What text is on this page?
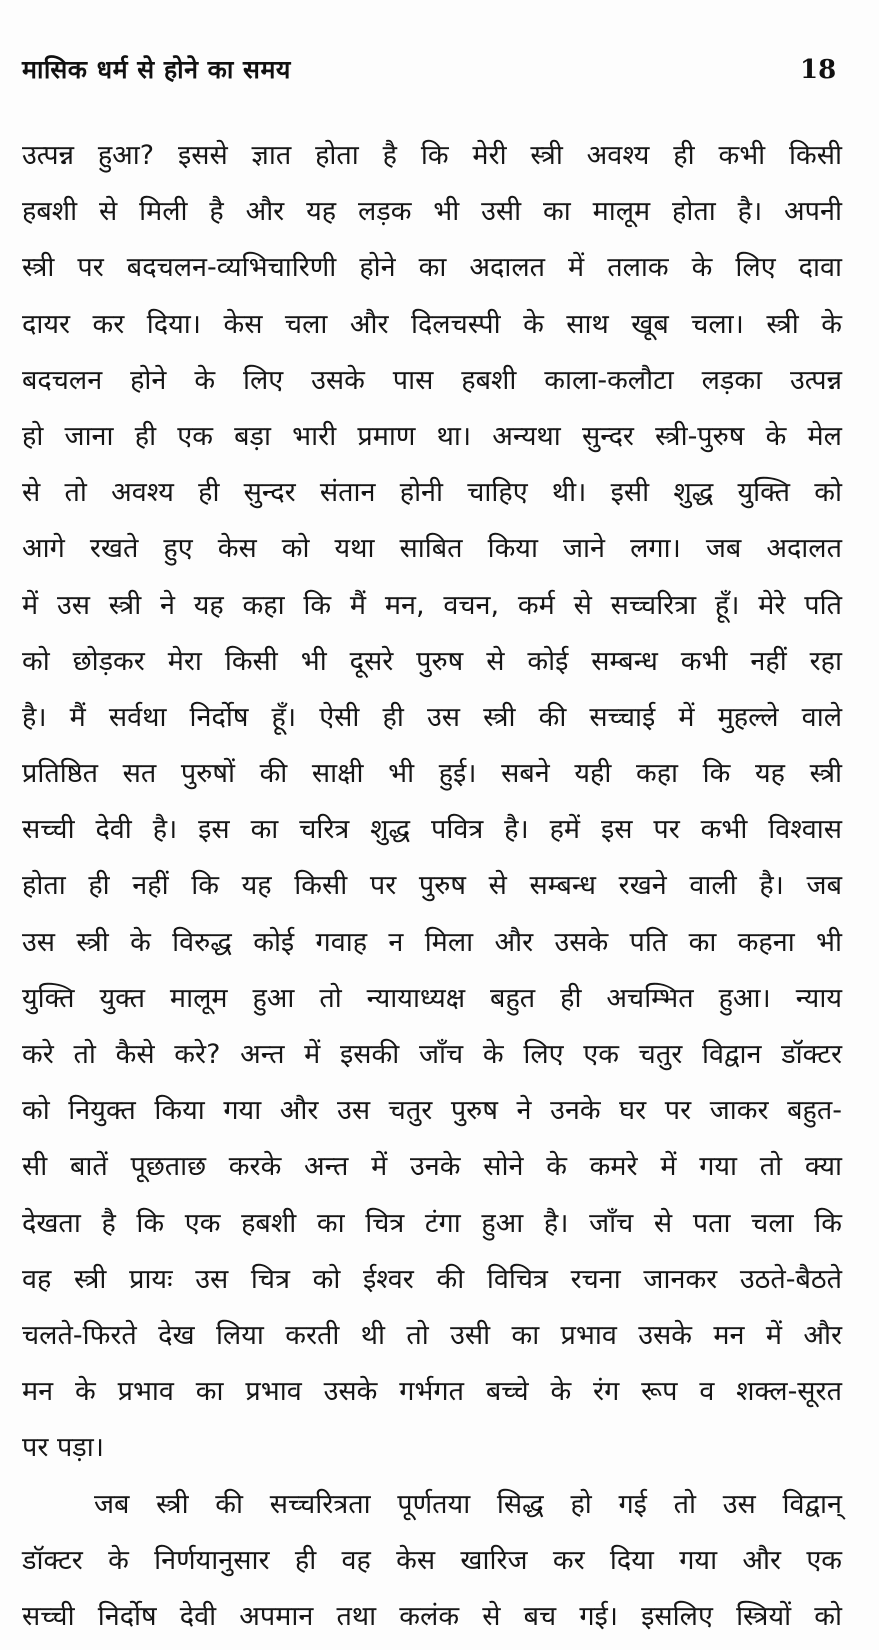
मासिक धर्म से होने का समय	18
उत्पन्न हुआ? इससे ज्ञात होता है कि मेरी स्त्री अवश्य ही कभी किसी
हबशी से मिली है और यह लड़क भी उसी का मालूम होता है। अपनी
स्त्री पर बदचलन-व्यभिचारिणी होने का अदालत में तलाक के लिए दावा
दायर कर दिया। केस चला और दिलचस्पी के साथ खूब चला। स्त्री के
बदचलन होने के लिए उसके पास हबशी काला-कलौटा लड़का उत्पन्न
हो जाना ही एक बड़ा भारी प्रमाण था। अन्यथा सुन्दर स्त्री-पुरुष के मेल
से तो अवश्य ही सुन्दर संतान होनी चाहिए थी। इसी शुद्ध युक्ति को
आगे रखते हुए केस को यथा साबित किया जाने लगा। जब अदालत
में उस स्त्री ने यह कहा कि मैं मन, वचन, कर्म से सच्चरित्रा हूँ। मेरे पति
को छोड़कर मेरा किसी भी दूसरे पुरुष से कोई सम्बन्ध कभी नहीं रहा
है। मैं सर्वथा निर्दोष हूँ। ऐसी ही उस स्त्री की सच्चाई में मुहल्ले वाले
प्रतिष्ठित सत पुरुषों की साक्षी भी हुई। सबने यही कहा कि यह स्त्री
सच्ची देवी है। इस का चरित्र शुद्ध पवित्र है। हमें इस पर कभी विश्वास
होता ही नहीं कि यह किसी पर पुरुष से सम्बन्ध रखने वाली है। जब
उस स्त्री के विरुद्ध कोई गवाह न मिला और उसके पति का कहना भी
युक्ति युक्त मालूम हुआ तो न्यायाध्यक्ष बहुत ही अचम्भित हुआ। न्याय
करे तो कैसे करे? अन्त में इसकी जाँच के लिए एक चतुर विद्वान डॉक्टर
को नियुक्त किया गया और उस चतुर पुरुष ने उनके घर पर जाकर बहुत-
सी बातें पूछताछ करके अन्त में उनके सोने के कमरे में गया तो क्या
देखता है कि एक हबशी का चित्र टंगा हुआ है। जाँच से पता चला कि
वह स्त्री प्रायः उस चित्र को ईश्वर की विचित्र रचना जानकर उठते-बैठते
चलते-फिरते देख लिया करती थी तो उसी का प्रभाव उसके मन में और
मन के प्रभाव का प्रभाव उसके गर्भगत बच्चे के रंग रूप व शक्ल-सूरत
पर पड़ा।
जब स्त्री की सच्चरित्रता पूर्णतया सिद्ध हो गई तो उस विद्वान्
डॉक्टर के निर्णयानुसार ही वह केस खारिज कर दिया गया और एक
सच्ची निर्दोष देवी अपमान तथा कलंक से बच गई। इसलिए स्त्रियों को
